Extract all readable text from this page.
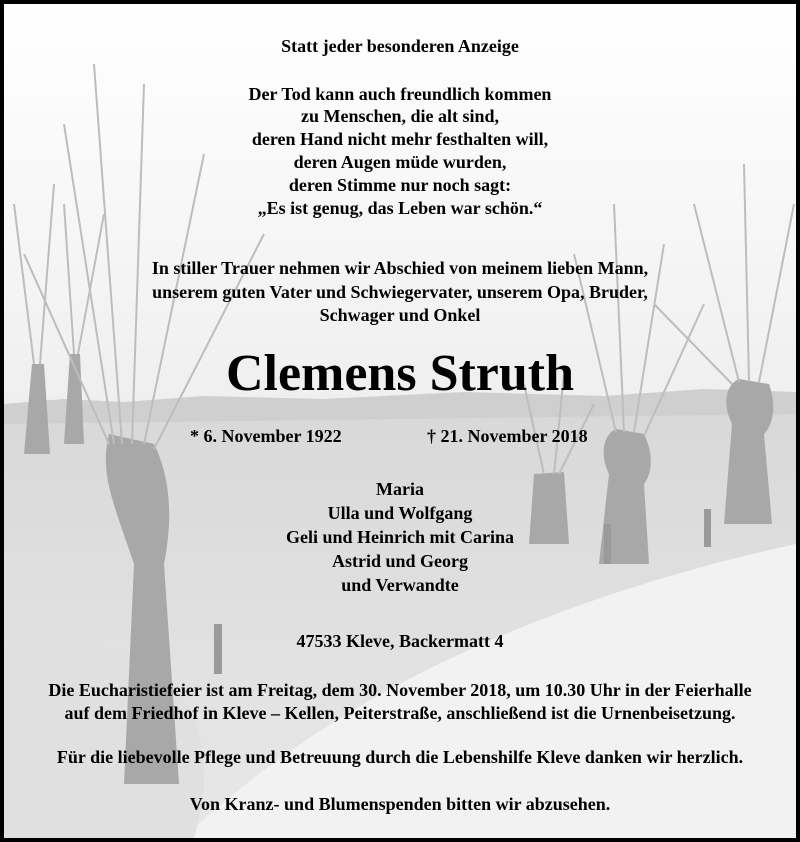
Statt jeder besonderen Anzeige
Der Tod kann auch freundlich kommen
zu Menschen, die alt sind,
deren Hand nicht mehr festhalten will,
deren Augen müde wurden,
deren Stimme nur noch sagt:
„Es ist genug, das Leben war schön.“
In stiller Trauer nehmen wir Abschied von meinem lieben Mann,
unserem guten Vater und Schwiegervater, unserem Opa, Bruder,
Schwager und Onkel
Clemens Struth
* 6. November 1922	† 21. November 2018
Maria
Ulla und Wolfgang
Geli und Heinrich mit Carina
Astrid und Georg
und Verwandte
47533 Kleve, Backermatt 4
Die Eucharistiefeier ist am Freitag, dem 30. November 2018, um 10.30 Uhr in der Feierhalle
auf dem Friedhof in Kleve – Kellen, Peiterstraße, anschließend ist die Urnenbeisetzung.
Für die liebevolle Pflege und Betreuung durch die Lebenshilfe Kleve danken wir herzlich.
Von Kranz- und Blumenspenden bitten wir abzusehen.
